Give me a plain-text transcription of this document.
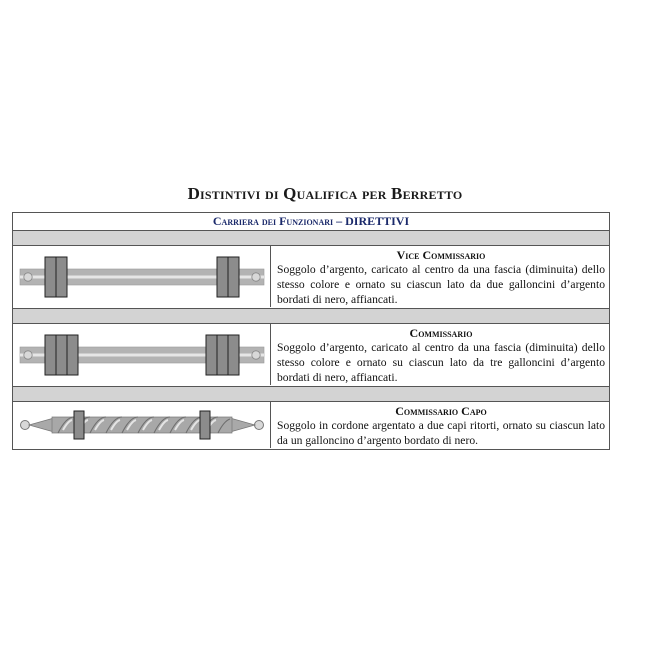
Distintivi di Qualifica per Berretto
Carriera dei Funzionari – DIRETTIVI
Vice Commissario
Soggolo d’argento, caricato al centro da una fascia (diminuita) dello stesso colore e ornato su ciascun lato da due galloncini d’argento bordati di nero, affiancati.
Commissario
Soggolo d’argento, caricato al centro da una fascia (diminuita) dello stesso colore e ornato su ciascun lato da tre galloncini d’argento bordati di nero, affiancati.
Commissario Capo
Soggolo in cordone argentato a due capi ritorti, ornato su ciascun lato da un galloncino d’argento bordato di nero.
